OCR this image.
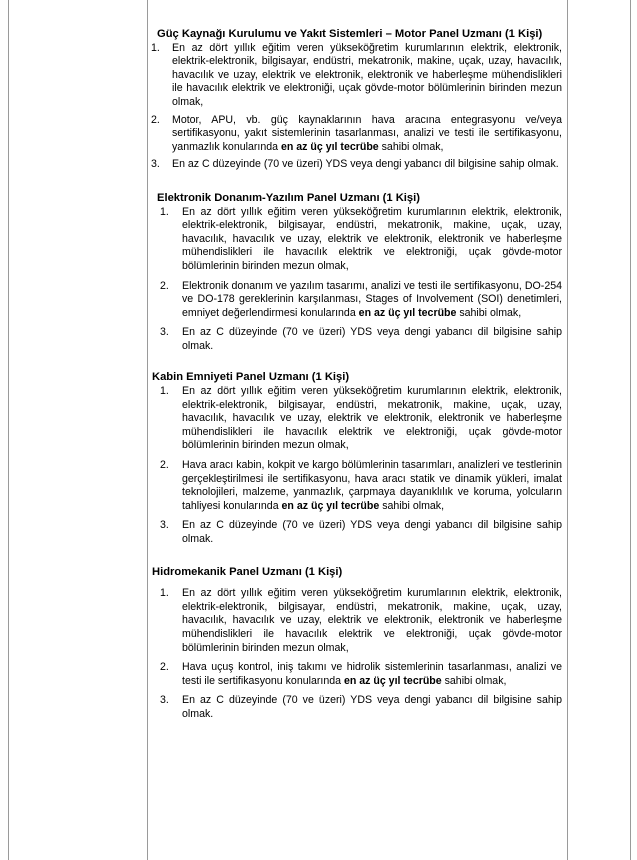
Güç Kaynağı Kurulumu ve Yakıt Sistemleri – Motor Panel Uzmanı (1 Kişi)

1. En az dört yıllık eğitim veren yükseköğretim kurumlarının elektrik, elektronik, elektrik-elektronik, bilgisayar, endüstri, mekatronik, makine, uçak, uzay, havacılık, havacılık ve uzay, elektrik ve elektronik, elektronik ve haberleşme mühendislikleri ile havacılık elektrik ve elektroniği, uçak gövde-motor bölümlerinin birinden mezun olmak,
2. Motor, APU, vb. güç kaynaklarının hava aracına entegrasyonu ve/veya sertifikasyonu, yakıt sistemlerinin tasarlanması, analizi ve testi ile sertifikasyonu, yanmazlık konularında en az üç yıl tecrübe sahibi olmak,
3. En az C düzeyinde (70 ve üzeri) YDS veya dengi yabancı dil bilgisine sahip olmak.

Elektronik Donanım-Yazılım Panel Uzmanı (1 Kişi)

1. En az dört yıllık eğitim veren yükseköğretim kurumlarının elektrik, elektronik, elektrik-elektronik, bilgisayar, endüstri, mekatronik, makine, uçak, uzay, havacılık, havacılık ve uzay, elektrik ve elektronik, elektronik ve haberleşme mühendislikleri ile havacılık elektrik ve elektroniği, uçak gövde-motor bölümlerinin birinden mezun olmak,
2. Elektronik donanım ve yazılım tasarımı, analizi ve testi ile sertifikasyonu, DO-254 ve DO-178 gereklerinin karşılanması, Stages of Involvement (SOI) denetimleri, emniyet değerlendirmesi konularında en az üç yıl tecrübe sahibi olmak,
3. En az C düzeyinde (70 ve üzeri) YDS veya dengi yabancı dil bilgisine sahip olmak.

Kabin Emniyeti Panel Uzmanı (1 Kişi)

1. En az dört yıllık eğitim veren yükseköğretim kurumlarının elektrik, elektronik, elektrik-elektronik, bilgisayar, endüstri, mekatronik, makine, uçak, uzay, havacılık, havacılık ve uzay, elektrik ve elektronik, elektronik ve haberleşme mühendislikleri ile havacılık elektrik ve elektroniği, uçak gövde-motor bölümlerinin birinden mezun olmak,
2. Hava aracı kabin, kokpit ve kargo bölümlerinin tasarımları, analizleri ve testlerinin gerçekleştirilmesi ile sertifikasyonu, hava aracı statik ve dinamik yükleri, imalat teknolojileri, malzeme, yanmazlık, çarpmaya dayanıklılık ve koruma, yolcuların tahliyesi konularında en az üç yıl tecrübe sahibi olmak,
3. En az C düzeyinde (70 ve üzeri) YDS veya dengi yabancı dil bilgisine sahip olmak.

Hidromekanik Panel Uzmanı (1 Kişi)

1. En az dört yıllık eğitim veren yükseköğretim kurumlarının elektrik, elektronik, elektrik-elektronik, bilgisayar, endüstri, mekatronik, makine, uçak, uzay, havacılık, havacılık ve uzay, elektrik ve elektronik, elektronik ve haberleşme mühendislikleri ile havacılık elektrik ve elektroniği, uçak gövde-motor bölümlerinin birinden mezun olmak,
2. Hava uçuş kontrol, iniş takımı ve hidrolik sistemlerinin tasarlanması, analizi ve testi ile sertifikasyonu konularında en az üç yıl tecrübe sahibi olmak,
3. En az C düzeyinde (70 ve üzeri) YDS veya dengi yabancı dil bilgisine sahip olmak.
